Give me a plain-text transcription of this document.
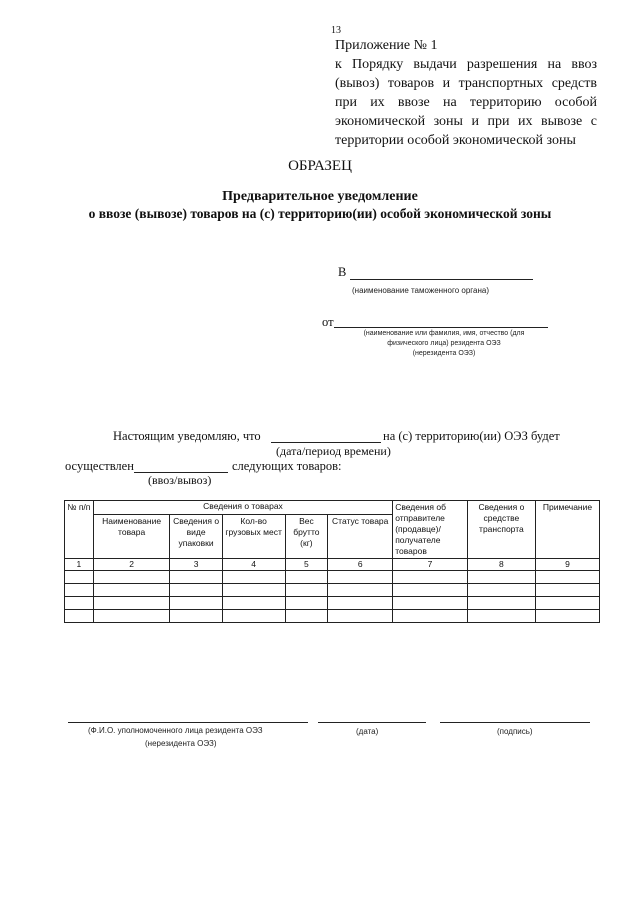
13
Приложение № 1
к Порядку выдачи разрешения на ввоз
(вывоз) товаров и транспортных средств
при их ввозе на территорию особой
экономической зоны и при их вывозе с
территории особой экономической зоны
ОБРАЗЕЦ
Предварительное уведомление
о ввозе (вывозе) товаров на (с) территорию(ии) особой экономической зоны
В
(наименование таможенного органа)
от
(наименование или фамилия, имя, отчество (для
физического лица) резидента ОЭЗ
(нерезидента ОЭЗ)
Настоящим уведомляю, что	на (с) территорию(ии) ОЭЗ будет
(дата/период времени)
осуществлен	следующих товаров:
(ввоз/вывоз)
№ п/п	Сведения о товарах					Сведения об отправителе (продавце)/ получателе товаров	Сведения о средстве транспорта	Примечание
	Наименование товара	Сведения о виде упаковки	Кол-во грузовых мест	Вес брутто (кг)	Статус товара			
1	2	3	4	5	6	7	8	9

(Ф.И.О. уполномоченного лица резидента ОЭЗ
(нерезидента ОЭЗ)
(дата)	(подпись)
